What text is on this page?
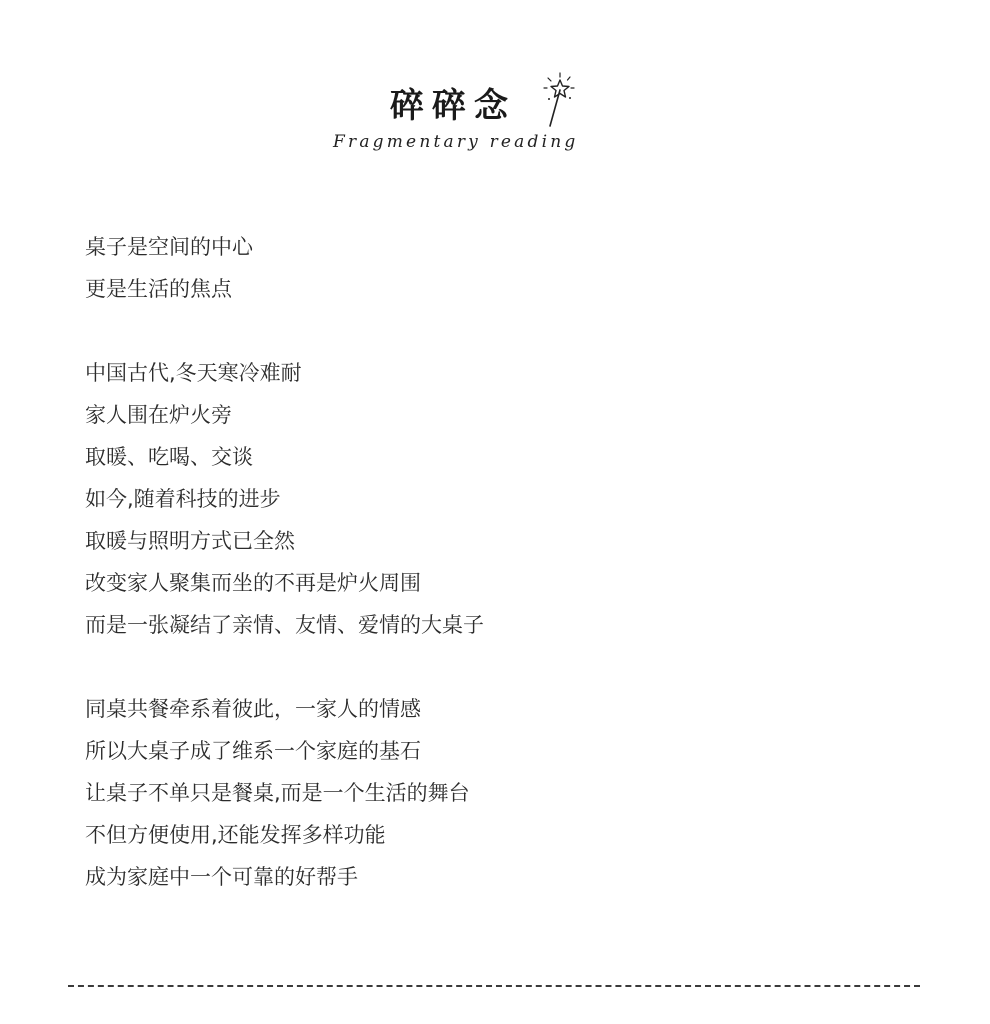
碎碎念
Fragmentary reading
桌子是空间的中心
更是生活的焦点
中国古代,冬天寒冷难耐
家人围在炉火旁
取暖、吃喝、交谈
如今,随着科技的进步
取暖与照明方式已全然
改变家人聚集而坐的不再是炉火周围
而是一张凝结了亲情、友情、爱情的大桌子
同桌共餐牵系着彼此，一家人的情感
所以大桌子成了维系一个家庭的基石
让桌子不单只是餐桌,而是一个生活的舞台
不但方便使用,还能发挥多样功能
成为家庭中一个可靠的好帮手
